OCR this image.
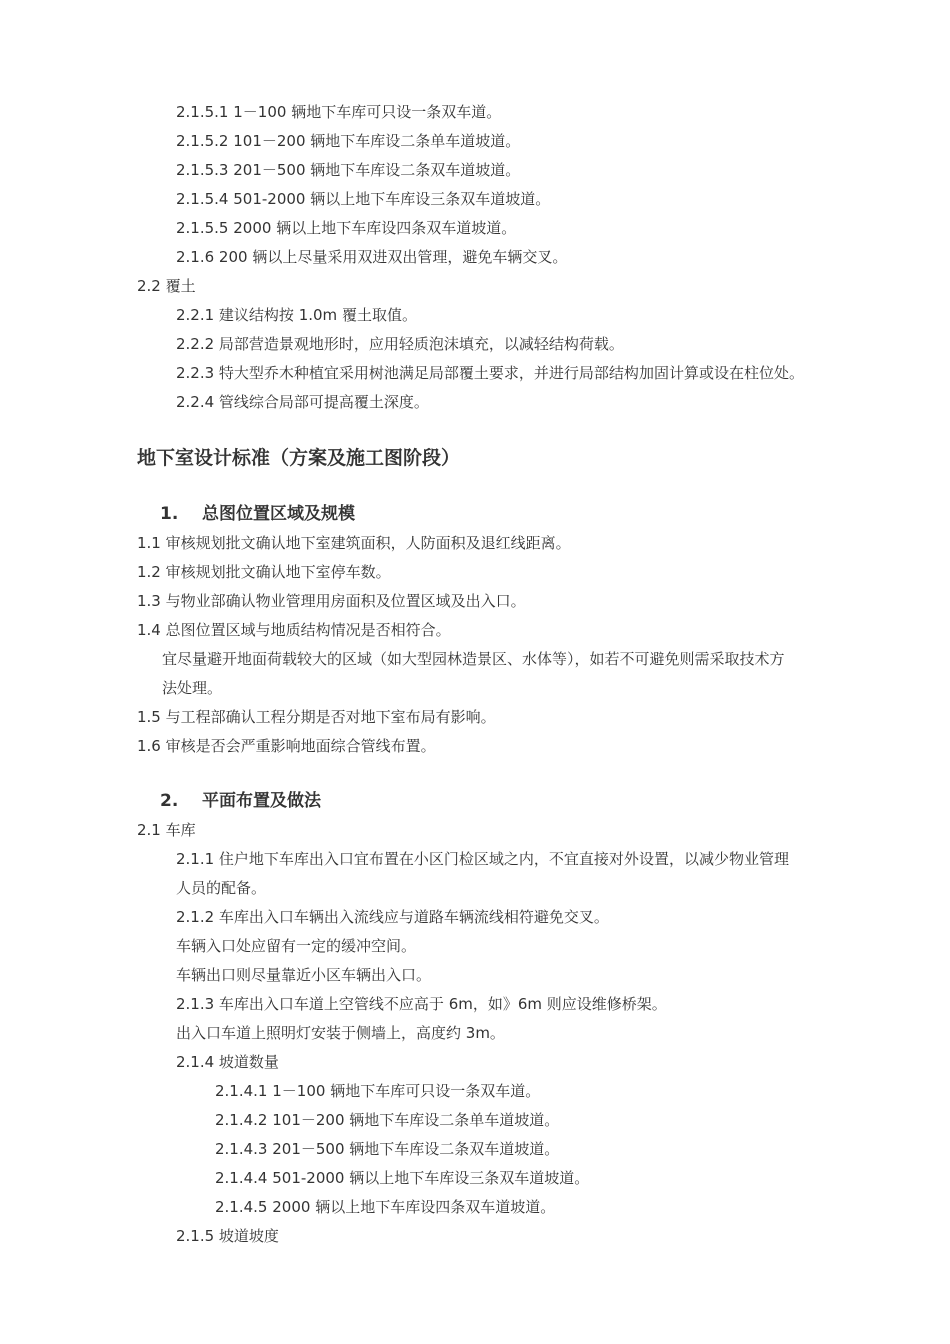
2.1.5.1 1－100 辆地下车库可只设一条双车道。
2.1.5.2 101－200 辆地下车库设二条单车道坡道。
2.1.5.3 201－500 辆地下车库设二条双车道坡道。
2.1.5.4 501-2000 辆以上地下车库设三条双车道坡道。
2.1.5.5 2000 辆以上地下车库设四条双车道坡道。
2.1.6 200 辆以上尽量采用双进双出管理，避免车辆交叉。
2.2 覆土
2.2.1 建议结构按 1.0m 覆土取值。
2.2.2 局部营造景观地形时，应用轻质泡沫填充，以减轻结构荷载。
2.2.3 特大型乔木种植宜采用树池满足局部覆土要求，并进行局部结构加固计算或设在柱位处。
2.2.4 管线综合局部可提高覆土深度。
地下室设计标准（方案及施工图阶段）
1. 总图位置区域及规模
1.1 审核规划批文确认地下室建筑面积，人防面积及退红线距离。
1.2 审核规划批文确认地下室停车数。
1.3 与物业部确认物业管理用房面积及位置区域及出入口。
1.4 总图位置区域与地质结构情况是否相符合。
宜尽量避开地面荷载较大的区域（如大型园林造景区、水体等），如若不可避免则需采取技术方
法处理。
1.5 与工程部确认工程分期是否对地下室布局有影响。
1.6 审核是否会严重影响地面综合管线布置。
2. 平面布置及做法
2.1 车库
2.1.1 住户地下车库出入口宜布置在小区门检区域之内，不宜直接对外设置，以减少物业管理
人员的配备。
2.1.2 车库出入口车辆出入流线应与道路车辆流线相符避免交叉。
车辆入口处应留有一定的缓冲空间。
车辆出口则尽量靠近小区车辆出入口。
2.1.3 车库出入口车道上空管线不应高于 6m，如》6m 则应设维修桥架。
出入口车道上照明灯安装于侧墙上，高度约 3m。
2.1.4 坡道数量
2.1.4.1 1－100 辆地下车库可只设一条双车道。
2.1.4.2 101－200 辆地下车库设二条单车道坡道。
2.1.4.3 201－500 辆地下车库设二条双车道坡道。
2.1.4.4 501-2000 辆以上地下车库设三条双车道坡道。
2.1.4.5 2000 辆以上地下车库设四条双车道坡道。
2.1.5 坡道坡度
